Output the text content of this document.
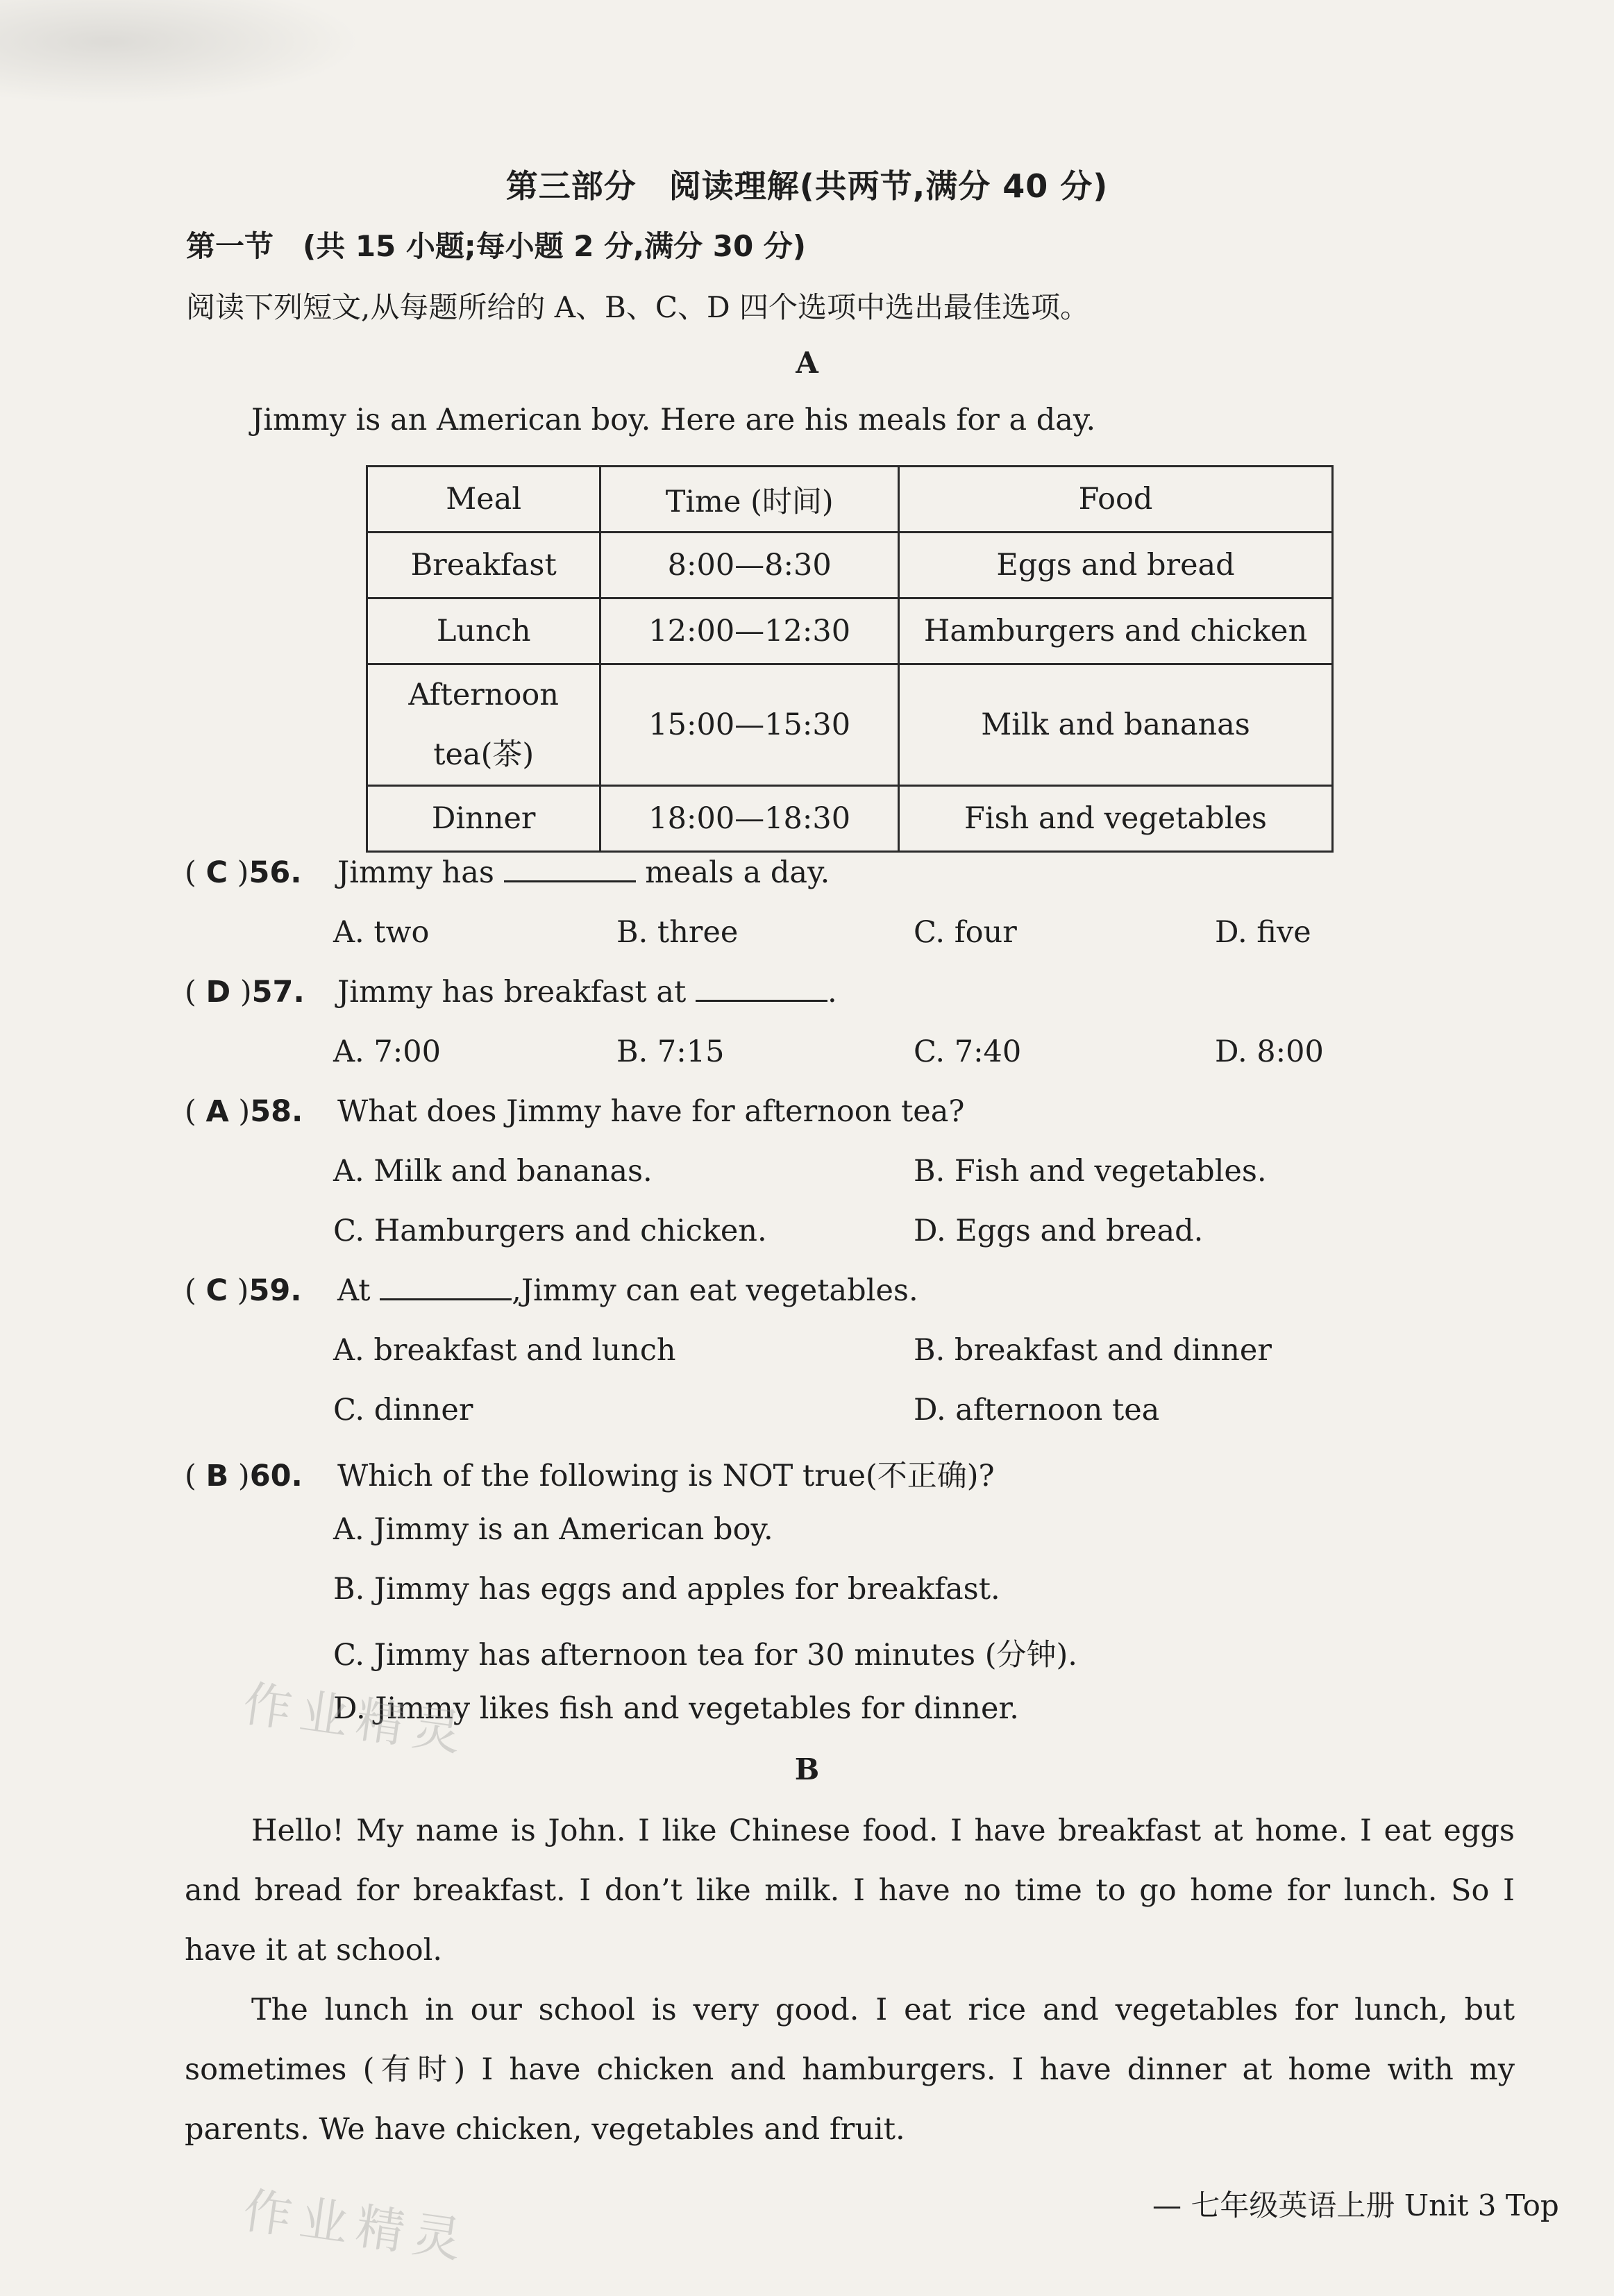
第三部分　阅读理解(共两节,满分 40 分)
第一节　(共 15 小题;每小题 2 分,满分 30 分)
阅读下列短文,从每题所给的 A、B、C、D 四个选项中选出最佳选项。
A
Jimmy is an American boy. Here are his meals for a day.
Meal	Time (时间)	Food
Breakfast	8:00—8:30	Eggs and bread
Lunch	12:00—12:30	Hamburgers and chicken
Afternoon tea(茶)	15:00—15:30	Milk and bananas
Dinner	18:00—18:30	Fish and vegetables
( C )56. Jimmy has	meals a day.
A. two	B. three	C. four	D. five
( D )57. Jimmy has breakfast at	.
A. 7:00	B. 7:15	C. 7:40	D. 8:00
( A )58. What does Jimmy have for afternoon tea?
A. Milk and bananas.	B. Fish and vegetables.
C. Hamburgers and chicken.	D. Eggs and bread.
( C )59. At	,Jimmy can eat vegetables.
A. breakfast and lunch	B. breakfast and dinner
C. dinner	D. afternoon tea
( B )60. Which of the following is NOT true(不正确)?
A. Jimmy is an American boy.
B. Jimmy has eggs and apples for breakfast.
C. Jimmy has afternoon tea for 30 minutes (分钟).
D. Jimmy likes fish and vegetables for dinner.
B
Hello! My name is John. I like Chinese food. I have breakfast at home. I eat eggs and bread for breakfast. I don’t like milk. I have no time to go home for lunch. So I have it at school.
The lunch in our school is very good. I eat rice and vegetables for lunch, but sometimes (有时) I have chicken and hamburgers. I have dinner at home with my parents. We have chicken, vegetables and fruit.
— 七年级英语上册 Unit 3 Top
作业精灵
作业精灵
